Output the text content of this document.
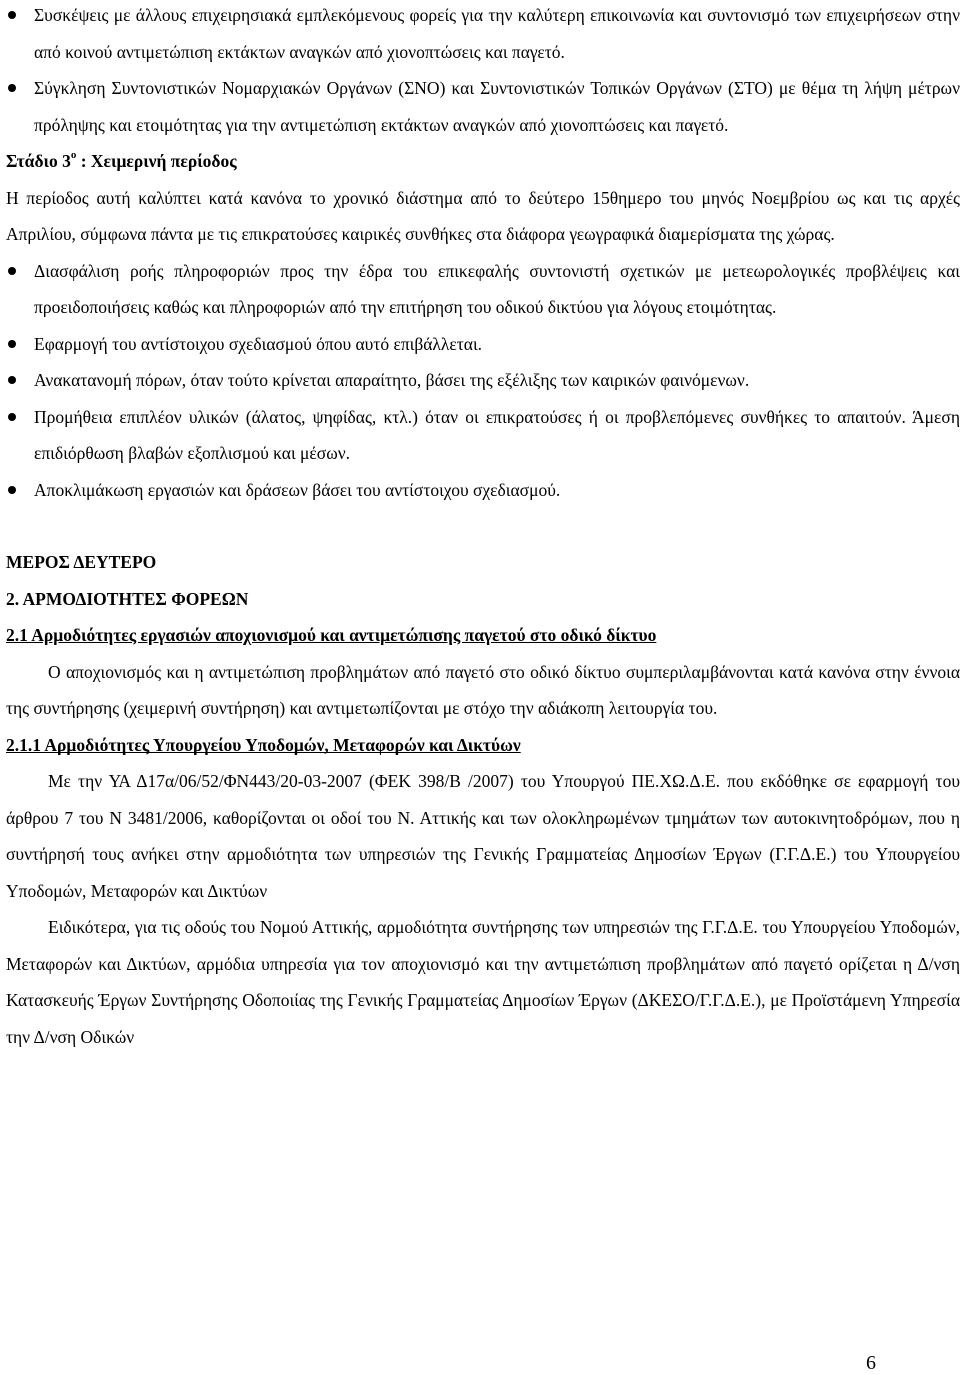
Συσκέψεις με άλλους επιχειρησιακά εμπλεκόμενους φορείς για την καλύτερη επικοινωνία και συντονισμό των επιχειρήσεων στην από κοινού αντιμετώπιση εκτάκτων αναγκών από χιονοπτώσεις και παγετό.
Σύγκληση Συντονιστικών Νομαρχιακών Οργάνων (ΣΝΟ) και Συντονιστικών Τοπικών Οργάνων (ΣΤΟ) με θέμα τη λήψη μέτρων πρόληψης και ετοιμότητας για την αντιμετώπιση εκτάκτων αναγκών από χιονοπτώσεις και παγετό.
Στάδιο $3^o$ : Χειμερινή περίοδος

Η περίοδος αυτή καλύπτει κατά κανόνα το χρονικό διάστημα από το δεύτερο 15θημερο του μηνός Νοεμβρίου ως και τις αρχές Απριλίου, σύμφωνα πάντα με τις επικρατούσες καιρικές συνθήκες στα διάφορα γεωγραφικά διαμερίσματα της χώρας.

Διασφάλιση ροής πληροφοριών προς την έδρα του επικεφαλής συντονιστή σχετικών με μετεωρολογικές προβλέψεις και προειδοποιήσεις καθώς και πληροφοριών από την επιτήρηση του οδικού δικτύου για λόγους ετοιμότητας.
Εφαρμογή του αντίστοιχου σχεδιασμού όπου αυτό επιβάλλεται.
Ανακατανομή πόρων, όταν τούτο κρίνεται απαραίτητο, βάσει της εξέλιξης των καιρικών φαινόμενων.
Προμήθεια επιπλέον υλικών (άλατος, ψηφίδας, κτλ.) όταν οι επικρατούσες ή οι προβλεπόμενες συνθήκες το απαιτούν. Άμεση επιδιόρθωση βλαβών εξοπλισμού και μέσων.
Αποκλιμάκωση εργασιών και δράσεων βάσει του αντίστοιχου σχεδιασμού.
ΜΕΡΟΣ ΔΕΥΤΕΡΟ
2. ΑΡΜΟΔΙΟΤΗΤΕΣ ΦΟΡΕΩΝ
2.1 Αρμοδιότητες εργασιών αποχιονισμού και αντιμετώπισης παγετού στο οδικό δίκτυο

Ο αποχιονισμός και η αντιμετώπιση προβλημάτων από παγετό στο οδικό δίκτυο συμπεριλαμβάνονται κατά κανόνα στην έννοια της συντήρησης (χειμερινή συντήρηση) και αντιμετωπίζονται με στόχο την αδιάκοπη λειτουργία του.

2.1.1 Αρμοδιότητες Υπουργείου Υποδομών, Μεταφορών και Δικτύων

Με την ΥΑ Δ17α/06/52/ΦΝ443/20-03-2007 (ΦΕΚ 398/Β /2007) του Υπουργού ΠΕ.ΧΩ.Δ.Ε. που εκδόθηκε σε εφαρμογή του άρθρου 7 του Ν 3481/2006, καθορίζονται οι οδοί του Ν. Αττικής και των ολοκληρωμένων τμημάτων των αυτοκινητοδρόμων, που η συντήρησή τους ανήκει στην αρμοδιότητα των υπηρεσιών της Γενικής Γραμματείας Δημοσίων Έργων (Γ.Γ.Δ.Ε.) του Υπουργείου Υποδομών, Μεταφορών και Δικτύων

Ειδικότερα, για τις οδούς του Νομού Αττικής, αρμοδιότητα συντήρησης των υπηρεσιών της Γ.Γ.Δ.Ε. του Υπουργείου Υποδομών, Μεταφορών και Δικτύων, αρμόδια υπηρεσία για τον αποχιονισμό και την αντιμετώπιση προβλημάτων από παγετό ορίζεται η Δ/νση Κατασκευής Έργων Συντήρησης Οδοποιίας της Γενικής Γραμματείας Δημοσίων Έργων (ΔΚΕΣΟ/Γ.Γ.Δ.Ε.), με Προϊστάμενη Υπηρεσία την Δ/νση Οδικών

6
